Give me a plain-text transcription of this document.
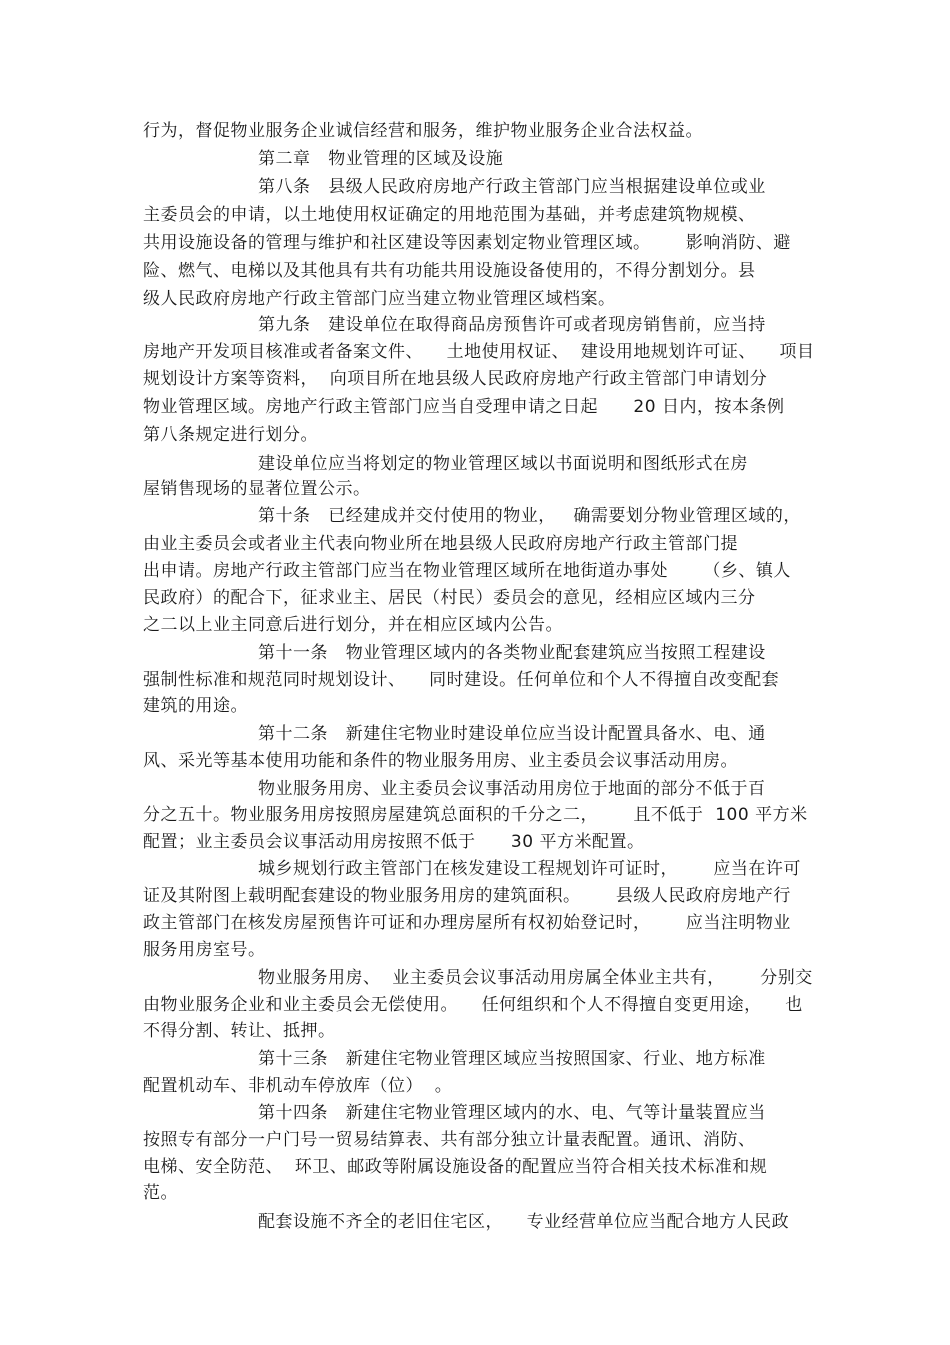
行为，督促物业服务企业诚信经营和服务，维护物业服务企业合法权益。
第二章   物业管理的区域及设施
第八条   县级人民政府房地产行政主管部门应当根据建设单位或业
主委员会的申请，以土地使用权证确定的用地范围为基础，并考虑建筑物规模、
共用设施设备的管理与维护和社区建设等因素划定物业管理区域。      影响消防、避
险、燃气、电梯以及其他具有共有功能共用设施设备使用的，不得分割划分。县
级人民政府房地产行政主管部门应当建立物业管理区域档案。
第九条   建设单位在取得商品房预售许可或者现房销售前，应当持
房地产开发项目核准或者备案文件、    土地使用权证、  建设用地规划许可证、    项目
规划设计方案等资料，  向项目所在地县级人民政府房地产行政主管部门申请划分
物业管理区域。房地产行政主管部门应当自受理申请之日起      20 日内，按本条例
第八条规定进行划分。
建设单位应当将划定的物业管理区域以书面说明和图纸形式在房
屋销售现场的显著位置公示。
第十条   已经建成并交付使用的物业，   确需要划分物业管理区域的，
由业主委员会或者业主代表向物业所在地县级人民政府房地产行政主管部门提
出申请。房地产行政主管部门应当在物业管理区域所在地街道办事处      （乡、镇人
民政府）的配合下，征求业主、居民（村民）委员会的意见，经相应区域内三分
之二以上业主同意后进行划分，并在相应区域内公告。
第十一条   物业管理区域内的各类物业配套建筑应当按照工程建设
强制性标准和规范同时规划设计、    同时建设。任何单位和个人不得擅自改变配套
建筑的用途。
第十二条   新建住宅物业时建设单位应当设计配置具备水、电、通
风、采光等基本使用功能和条件的物业服务用房、业主委员会议事活动用房。
物业服务用房、业主委员会议事活动用房位于地面的部分不低于百
分之五十。物业服务用房按照房屋建筑总面积的千分之二，      且不低于  100 平方米
配置；业主委员会议事活动用房按照不低于      30 平方米配置。
城乡规划行政主管部门在核发建设工程规划许可证时，      应当在许可
证及其附图上载明配套建设的物业服务用房的建筑面积。      县级人民政府房地产行
政主管部门在核发房屋预售许可证和办理房屋所有权初始登记时，      应当注明物业
服务用房室号。
物业服务用房、  业主委员会议事活动用房属全体业主共有，      分别交
由物业服务企业和业主委员会无偿使用。    任何组织和个人不得擅自变更用途，    也
不得分割、转让、抵押。
第十三条   新建住宅物业管理区域应当按照国家、行业、地方标准
配置机动车、非机动车停放库（位）  。
第十四条   新建住宅物业管理区域内的水、电、气等计量装置应当
按照专有部分一户门号一贸易结算表、共有部分独立计量表配置。通讯、消防、
电梯、安全防范、  环卫、邮政等附属设施设备的配置应当符合相关技术标准和规
范。
配套设施不齐全的老旧住宅区，    专业经营单位应当配合地方人民政
